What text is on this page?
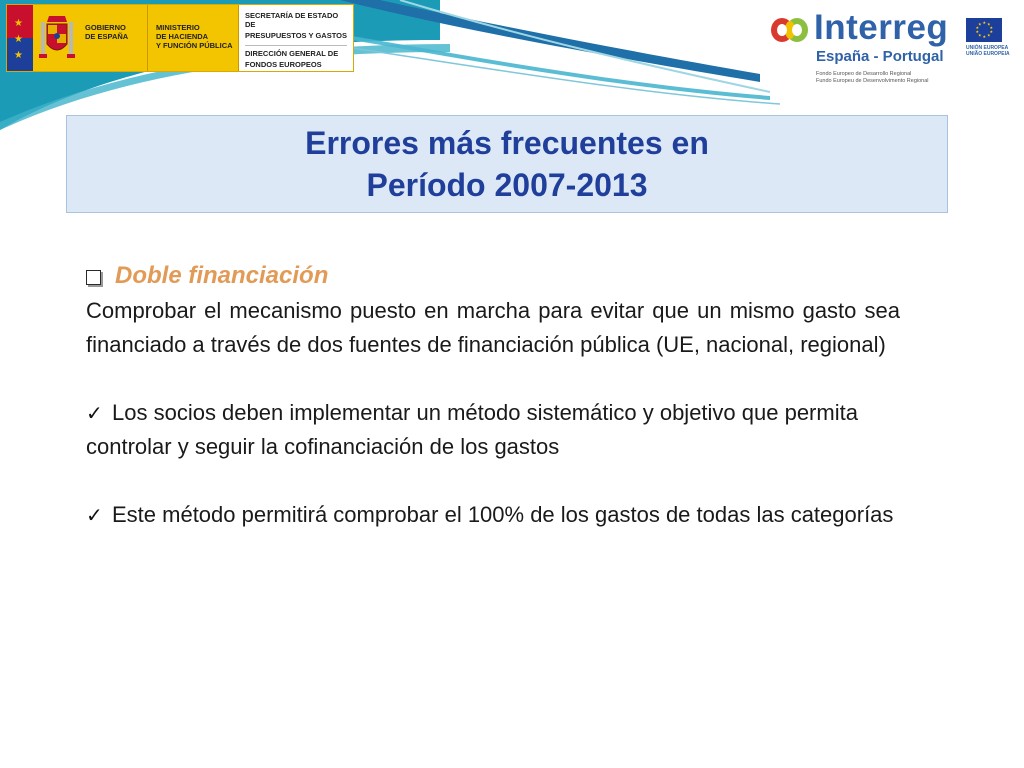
★
★
★
GOBIERNO
DE ESPAÑA
MINISTERIO
DE HACIENDA
Y FUNCIÓN PÚBLICA
SECRETARÍA DE ESTADO DE
PRESUPUESTOS Y GASTOS
DIRECCIÓN GENERAL DE
FONDOS EUROPEOS
Interreg
España - Portugal
Fondo Europeo de Desarrollo Regional
Fundo Europeu de Desenvolvimento Regional
★ ★
★
★
★
★
★
★
★
★
UNIÓN EUROPEA
UNIÃO EUROPEIA
Errores más frecuentes en
Período 2007-2013
Doble financiación

Comprobar el mecanismo puesto en marcha para evitar que un mismo gasto sea financiado a través de dos fuentes de financiación pública (UE, nacional, regional)

✓ Los socios deben implementar un método sistemático y objetivo que permita controlar y seguir la cofinanciación de los gastos
✓ Este método permitirá comprobar el 100% de los gastos de todas las categorías
